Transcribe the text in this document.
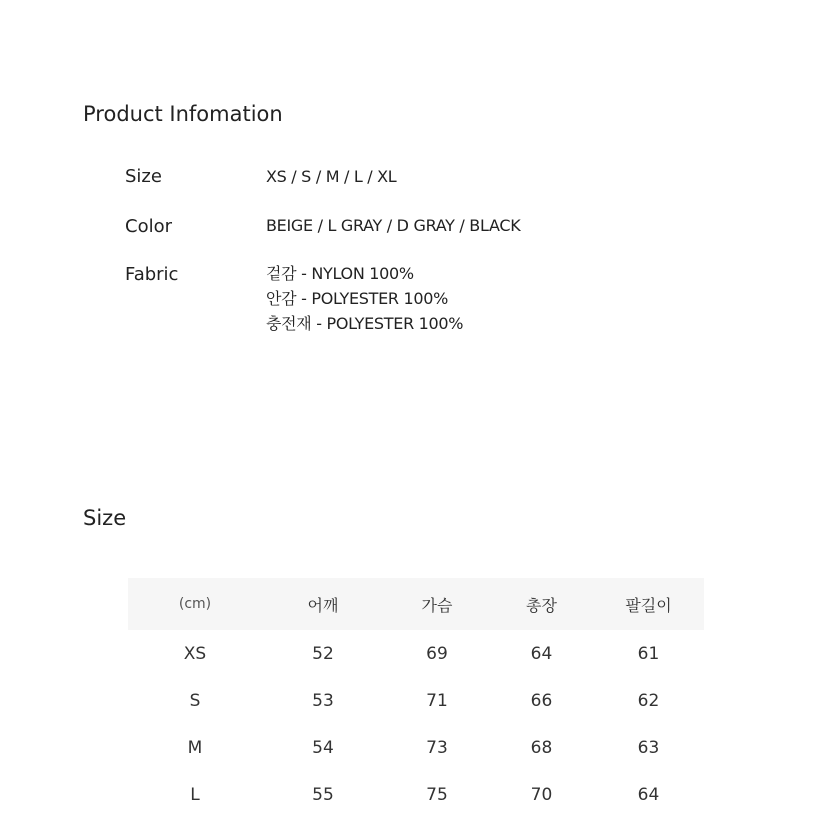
Product Infomation
Size	XS / S / M / L / XL
Color	BEIGE / L GRAY / D GRAY / BLACK
Fabric	겉감 - NYLON 100%
안감 - POLYESTER 100%
충전재 - POLYESTER 100%
Size
(cm)	어깨	가슴	총장	팔길이
XS	52	69	64	61
S	53	71	66	62
M	54	73	68	63
L	55	75	70	64
